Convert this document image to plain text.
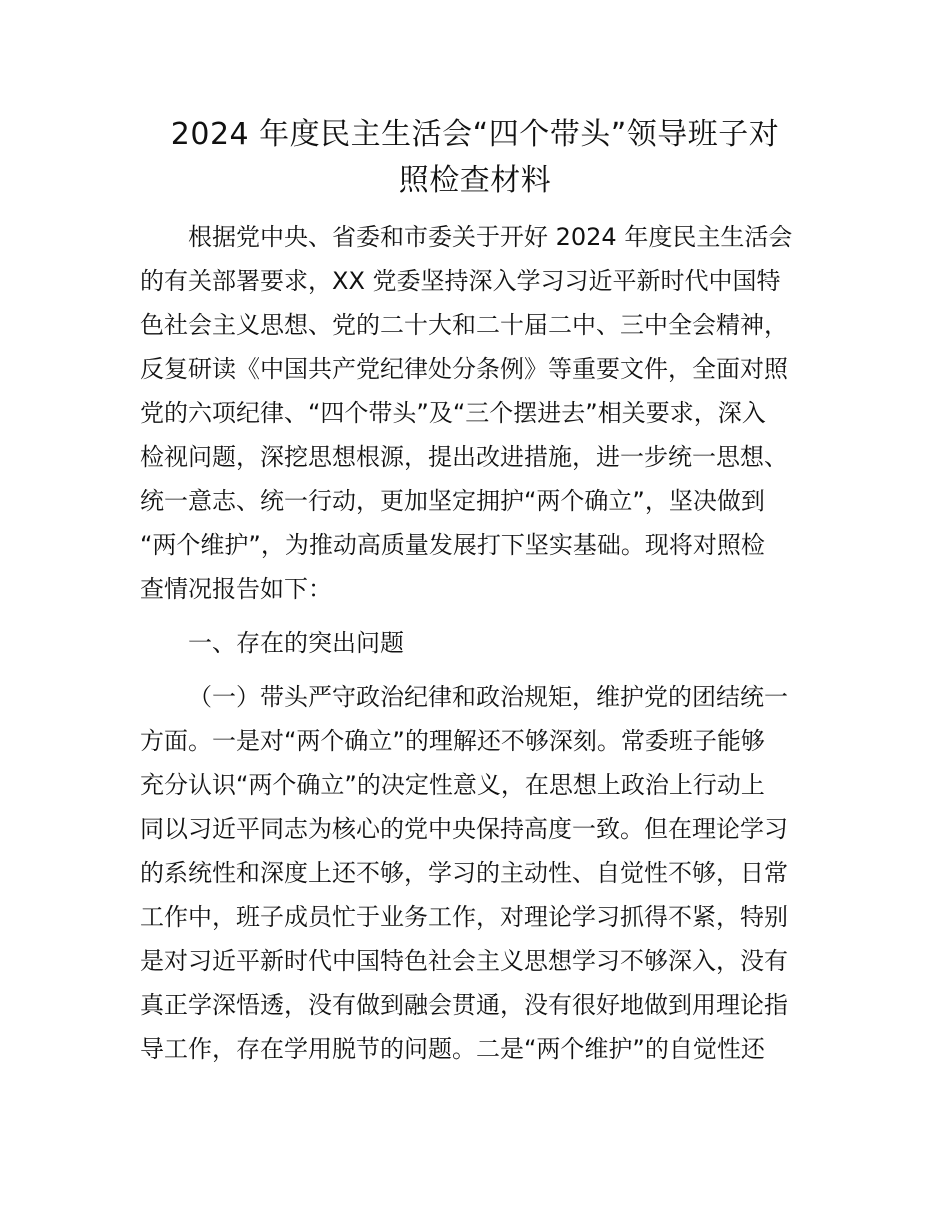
2024 年度民主生活会“四个带头”领导班子对
照检查材料
根据党中央、省委和市委关于开好 2024 年度民主生活会
的有关部署要求，XX 党委坚持深入学习习近平新时代中国特
色社会主义思想、党的二十大和二十届二中、三中全会精神，
反复研读《中国共产党纪律处分条例》等重要文件，全面对照
党的六项纪律、“四个带头”及“三个摆进去”相关要求，深入
检视问题，深挖思想根源，提出改进措施，进一步统一思想、
统一意志、统一行动，更加坚定拥护“两个确立”，坚决做到
“两个维护”，为推动高质量发展打下坚实基础。现将对照检
查情况报告如下：
一、存在的突出问题
（一）带头严守政治纪律和政治规矩，维护党的团结统一
方面。一是对“两个确立”的理解还不够深刻。常委班子能够
充分认识“两个确立”的决定性意义，在思想上政治上行动上
同以习近平同志为核心的党中央保持高度一致。但在理论学习
的系统性和深度上还不够，学习的主动性、自觉性不够，日常
工作中，班子成员忙于业务工作，对理论学习抓得不紧，特别
是对习近平新时代中国特色社会主义思想学习不够深入，没有
真正学深悟透，没有做到融会贯通，没有很好地做到用理论指
导工作，存在学用脱节的问题。二是“两个维护”的自觉性还
